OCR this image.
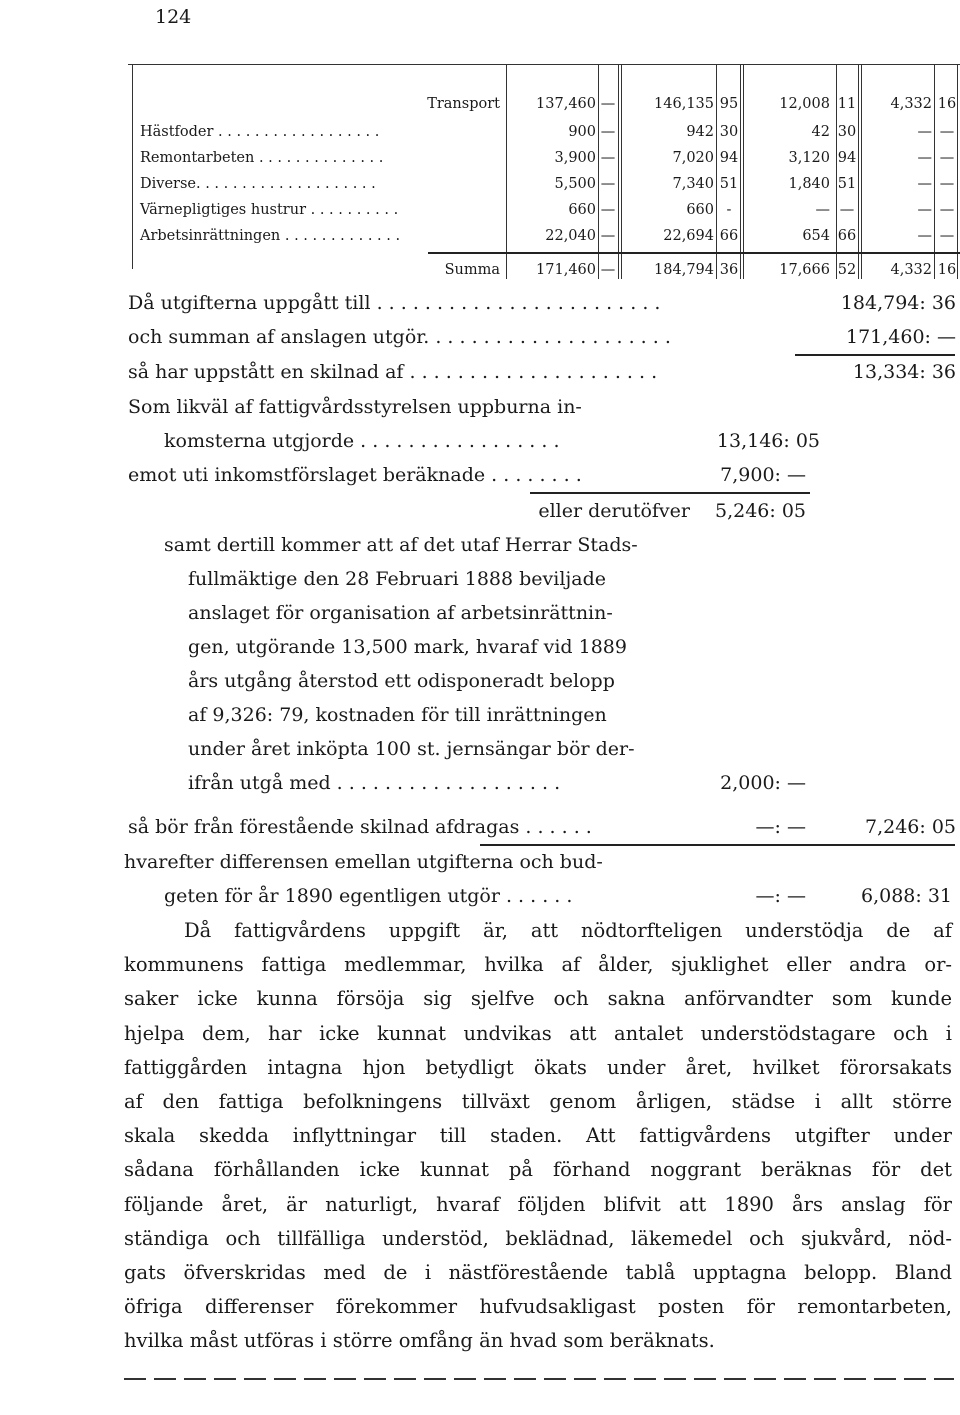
124
Transport	137,460 —	146,135 95	12,008 11	4,332 16
Hästfoder . . . . . . . . . . . . . . . . . .	900 —	942 30	42 30	— —
Remontarbeten . . . . . . . . . . . . . .	3,900 —	7,020 94	3,120 94	— —
Diverse. . . . . . . . . . . . . . . . . . . .	5,500 —	7,340 51	1,840 51	— —
Värnepligtiges hustrur . . . . . . . . . .	660 —	660 -	— —	— —
Arbetsinrättningen . . . . . . . . . . . . .	22,040 —	22,694 66	654 66	— —
Summa	171,460 —	184,794 36	17,666 52	4,332 16
Då utgifterna uppgått till . . . . . . . . . . . . . . . . . . . . . . . .	184,794: 36
och summan af anslagen utgör. . . . . . . . . . . . . . . . . . . . .	171,460: —
så har uppstått en skilnad af . . . . . . . . . . . . . . . . . . . . .	13,334: 36
Som likväl af fattigvårdsstyrelsen uppburna in-
komsterna utgjorde . . . . . . . . . . . . . . . . .	13,146: 05
emot uti inkomstförslaget beräknade . . . . . . . .	7,900: —
eller derutöfver	5,246: 05
samt dertill kommer att af det utaf Herrar Stads-
fullmäktige den 28 Februari 1888 beviljade
anslaget för organisation af arbetsinrättnin-
gen, utgörande 13,500 mark, hvaraf vid 1889
års utgång återstod ett odisponeradt belopp
af 9,326: 79, kostnaden för till inrättningen
under året inköpta 100 st. jernsängar bör der-
ifrån utgå med . . . . . . . . . . . . . . . . . . .	2,000: —
så bör från förestående skilnad afdragas . . . . . .	—: —	7,246: 05
hvarefter differensen emellan utgifterna och bud-
geten för år 1890 egentligen utgör . . . . . .	—: —	6,088: 31
Då fattigvårdens uppgift är, att nödtorfteligen understödja de af
kommunens fattiga medlemmar, hvilka af ålder, sjuklighet eller andra or-
saker icke kunna försöja sig sjelfve och sakna anförvandter som kunde
hjelpa dem, har icke kunnat undvikas att antalet understödstagare och i
fattiggården intagna hjon betydligt ökats under året, hvilket förorsakats
af den fattiga befolkningens tillväxt genom årligen, städse i allt större
skala skedda inflyttningar till staden. Att fattigvårdens utgifter under
sådana förhållanden icke kunnat på förhand noggrant beräknas för det
följande året, är naturligt, hvaraf följden blifvit att 1890 års anslag för
ständiga och tillfälliga understöd, beklädnad, läkemedel och sjukvård, nöd-
gats öfverskridas med de i nästförestående tablå upptagna belopp. Bland
öfriga differenser förekommer hufvudsakligast posten för remontarbeten,
hvilka måst utföras i större omfång än hvad som beräknats.
